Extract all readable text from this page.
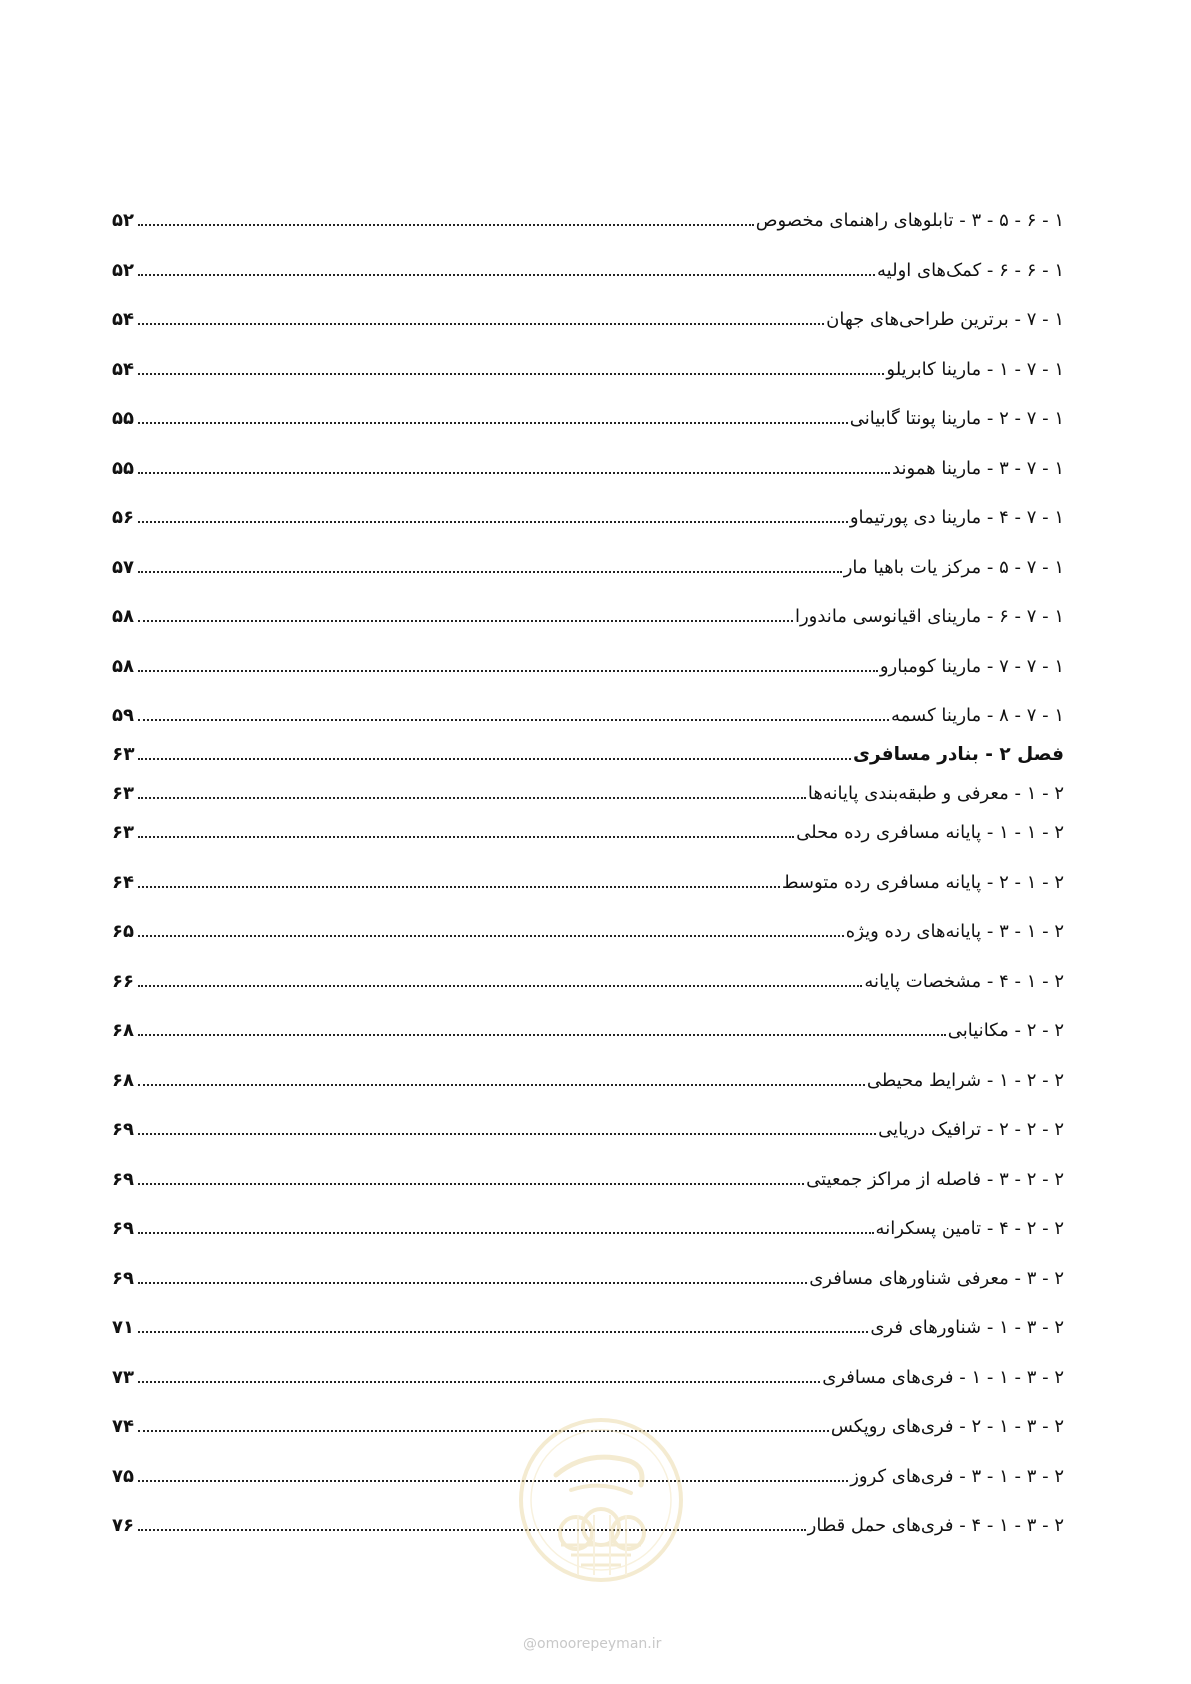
۱ - ۶ - ۵ - ۳ - تابلوهای راهنمای مخصوص
۵۲
۱ - ۶ - ۶ - کمک‌های اولیه
۵۲
۱ - ۷ - برترین طراحی‌های جهان
۵۴
۱ - ۷ - ۱ - مارینا کابریلو
۵۴
۱ - ۷ - ۲ - مارینا پونتا گابیانی
۵۵
۱ - ۷ - ۳ - مارینا هموند
۵۵
۱ - ۷ - ۴ - مارینا دی پورتیماو
۵۶
۱ - ۷ - ۵ - مرکز یات باهیا مار
۵۷
۱ - ۷ - ۶ - مارینای اقیانوسی ماندورا
۵۸
۱ - ۷ - ۷ - مارینا کومبارو
۵۸
۱ - ۷ - ۸ - مارینا کسمه
۵۹
فصل ۲ - بنادر مسافری
۶۳
۲ - ۱ - معرفی و طبقه‌بندی پایانه‌ها
۶۳
۲ - ۱ - ۱ - پایانه مسافری رده محلی
۶۳
۲ - ۱ - ۲ - پایانه مسافری رده متوسط
۶۴
۲ - ۱ - ۳ - پایانه‌های رده ویژه
۶۵
۲ - ۱ - ۴ - مشخصات پایانه
۶۶
۲ - ۲ - مکانیابی
۶۸
۲ - ۲ - ۱ - شرایط محیطی
۶۸
۲ - ۲ - ۲ - ترافیک دریایی
۶۹
۲ - ۲ - ۳ - فاصله از مراکز جمعیتی
۶۹
۲ - ۲ - ۴ - تامین پسکرانه
۶۹
۲ - ۳ - معرفی شناورهای مسافری
۶۹
۲ - ۳ - ۱ - شناورهای فری
۷۱
۲ - ۳ - ۱ - ۱ - فری‌های مسافری
۷۳
۲ - ۳ - ۱ - ۲ - فری‌های روپکس
۷۴
۲ - ۳ - ۱ - ۳ - فری‌های کروز
۷۵
۲ - ۳ - ۱ - ۴ - فری‌های حمل قطار
۷۶
@omoorepeyman.ir
